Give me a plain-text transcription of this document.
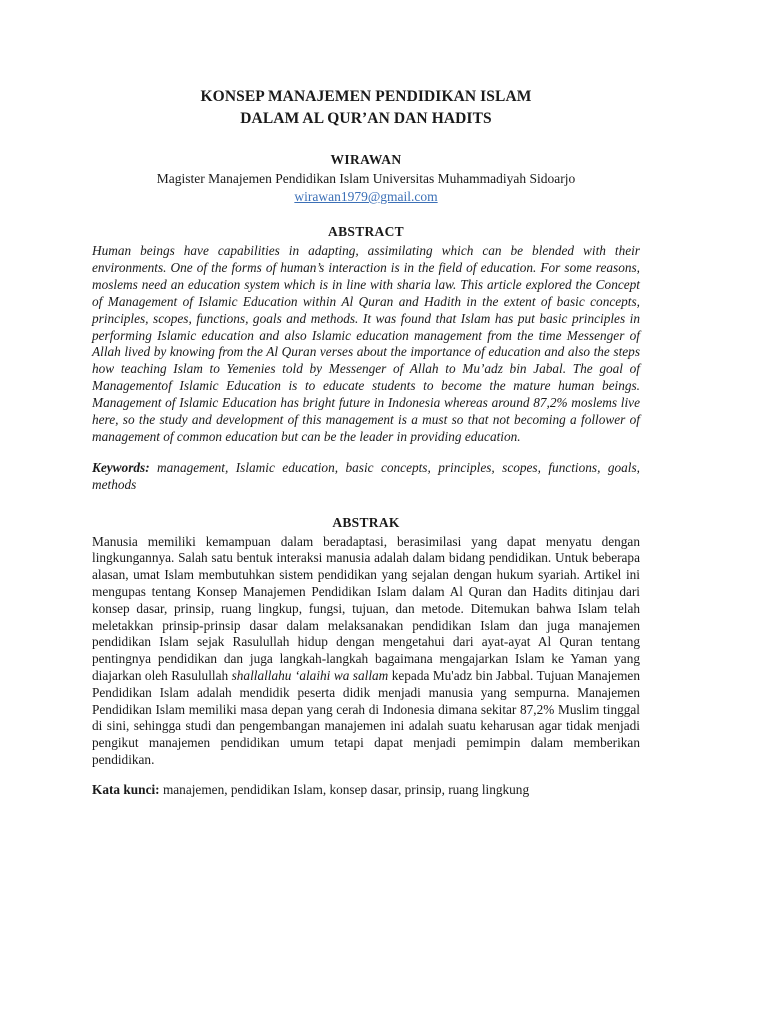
KONSEP MANAJEMEN PENDIDIKAN ISLAM
DALAM AL QUR’AN DAN HADITS
WIRAWAN
Magister Manajemen Pendidikan Islam Universitas Muhammadiyah Sidoarjo
wirawan1979@gmail.com
ABSTRACT
Human beings have capabilities in adapting, assimilating which can be blended with their environments. One of the forms of human’s interaction is in the field of education. For some reasons, moslems need an education system which is in line with sharia law. This article explored the Concept of Management of Islamic Education within Al Quran and Hadith in the extent of basic concepts, principles, scopes, functions, goals and methods. It was found that Islam has put basic principles in performing Islamic education and also Islamic education management from the time Messenger of Allah lived by knowing from the Al Quran verses about the importance of education and also the steps how teaching Islam to Yemenies told by Messenger of Allah to Mu’adz bin Jabal. The goal of Managementof Islamic Education is to educate students to become the mature human beings. Management of Islamic Education has bright future in Indonesia whereas around 87,2% moslems live here, so the study and development of this management is a must so that not becoming a follower of management of common education but can be the leader in providing education.
Keywords: management, Islamic education, basic concepts, principles, scopes, functions, goals, methods
ABSTRAK
Manusia memiliki kemampuan dalam beradaptasi, berasimilasi yang dapat menyatu dengan lingkungannya. Salah satu bentuk interaksi manusia adalah dalam bidang pendidikan. Untuk beberapa alasan, umat Islam membutuhkan sistem pendidikan yang sejalan dengan hukum syariah. Artikel ini mengupas tentang Konsep Manajemen Pendidikan Islam dalam Al Quran dan Hadits ditinjau dari konsep dasar, prinsip, ruang lingkup, fungsi, tujuan, dan metode. Ditemukan bahwa Islam telah meletakkan prinsip-prinsip dasar dalam melaksanakan pendidikan Islam dan juga manajemen pendidikan Islam sejak Rasulullah hidup dengan mengetahui dari ayat-ayat Al Quran tentang pentingnya pendidikan dan juga langkah-langkah bagaimana mengajarkan Islam ke Yaman yang diajarkan oleh Rasulullah shallallahu ‘alaihi wa sallam kepada Mu'adz bin Jabbal. Tujuan Manajemen Pendidikan Islam adalah mendidik peserta didik menjadi manusia yang sempurna. Manajemen Pendidikan Islam memiliki masa depan yang cerah di Indonesia dimana sekitar 87,2% Muslim tinggal di sini, sehingga studi dan pengembangan manajemen ini adalah suatu keharusan agar tidak menjadi pengikut manajemen pendidikan umum tetapi dapat menjadi pemimpin dalam memberikan pendidikan.
Kata kunci: manajemen, pendidikan Islam, konsep dasar, prinsip, ruang lingkung
